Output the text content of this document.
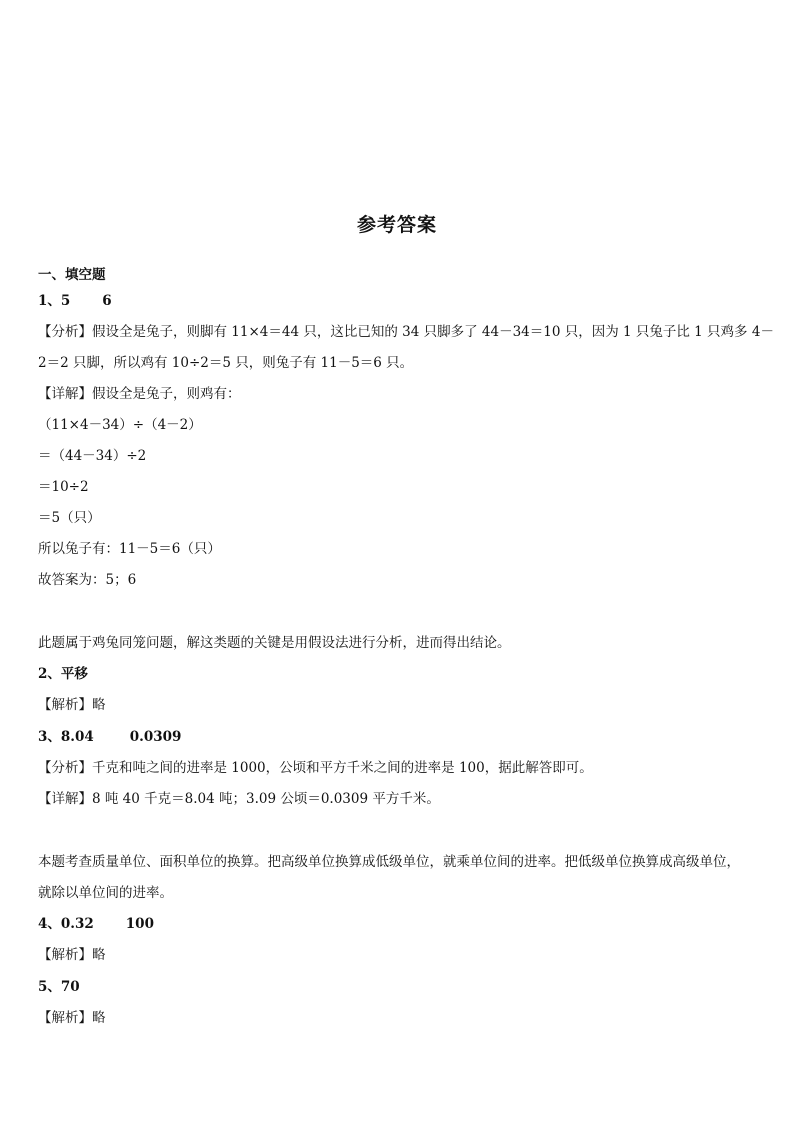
参考答案
一、填空题
1、5 6
【分析】假设全是兔子，则脚有 11×4＝44 只，这比已知的 34 只脚多了 44－34＝10 只，因为 1 只兔子比 1 只鸡多 4－
2＝2 只脚，所以鸡有 10÷2＝5 只，则兔子有 11－5＝6 只。
【详解】假设全是兔子，则鸡有：
（11×4－34）÷（4－2）
＝（44－34）÷2
＝10÷2
＝5（只）
所以兔子有：11－5＝6（只）
故答案为：5；6
此题属于鸡兔同笼问题，解这类题的关键是用假设法进行分析，进而得出结论。
2、平移
【解析】略
3、8.04	0.0309
【分析】千克和吨之间的进率是 1000，公顷和平方千米之间的进率是 100，据此解答即可。
【详解】8 吨 40 千克＝8.04 吨；3.09 公顷＝0.0309 平方千米。
本题考查质量单位、面积单位的换算。把高级单位换算成低级单位，就乘单位间的进率。把低级单位换算成高级单位，
就除以单位间的进率。
4、0.32 100
【解析】略
5、70
【解析】略
